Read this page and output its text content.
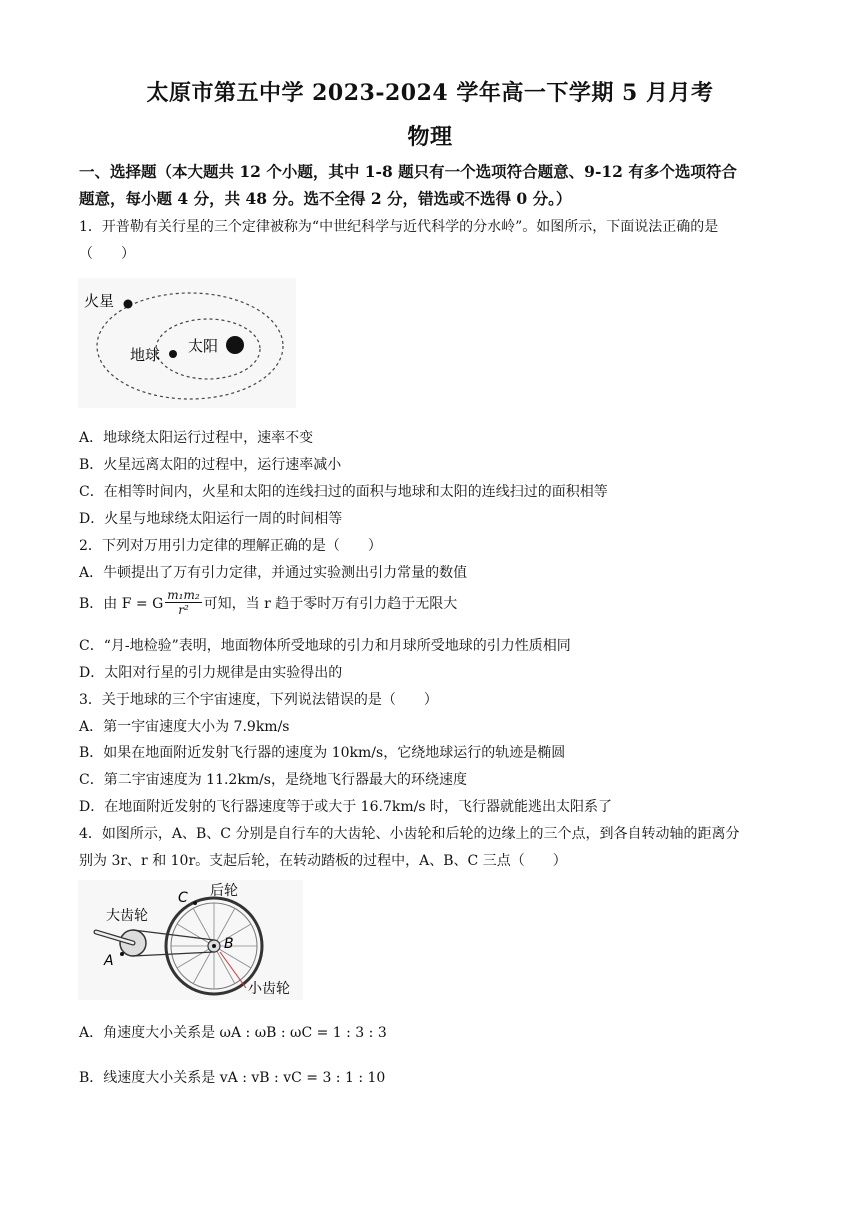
太原市第五中学 2023-2024 学年高一下学期 5 月月考
物理
一、选择题（本大题共 12 个小题，其中 1-8 题只有一个选项符合题意、9-12 有多个选项符合
题意，每小题 4 分，共 48 分。选不全得 2 分，错选或不选得 0 分。）
1．开普勒有关行星的三个定律被称为“中世纪科学与近代科学的分水岭”。如图所示，下面说法正确的是
（　　）
火星
地球 太阳
A．地球绕太阳运行过程中，速率不变
B．火星远离太阳的过程中，运行速率减小
C．在相等时间内，火星和太阳的连线扫过的面积与地球和太阳的连线扫过的面积相等
D．火星与地球绕太阳运行一周的时间相等
2．下列对万用引力定律的理解正确的是（　　）
A．牛顿提出了万有引力定律，并通过实验测出引力常量的数值
B．由 F = G $\frac{\text{m₁m₂}}{\text{r²}}$ 可知，当 r 趋于零时万有引力趋于无限大
C．“月-地检验”表明，地面物体所受地球的引力和月球所受地球的引力性质相同
D．太阳对行星的引力规律是由实验得出的
3．关于地球的三个宇宙速度，下列说法错误的是（　　）
A．第一宇宙速度大小为 7.9km/s
B．如果在地面附近发射飞行器的速度为 10km/s，它绕地球运行的轨迹是椭圆
C．第二宇宙速度为 11.2km/s，是绕地飞行器最大的环绕速度
D．在地面附近发射的飞行器速度等于或大于 16.7km/s 时，飞行器就能逃出太阳系了
4．如图所示，A、B、C 分别是自行车的大齿轮、小齿轮和后轮的边缘上的三个点，到各自转动轴的距离分
别为 3r、r 和 10r。支起后轮，在转动踏板的过程中，A、B、C 三点（　　）
大齿轮
后轮
小齿轮
A
B
C
A．角速度大小关系是 ωA : ωB : ωC = 1 : 3 : 3
B．线速度大小关系是 vA : vB : vC = 3 : 1 : 10
